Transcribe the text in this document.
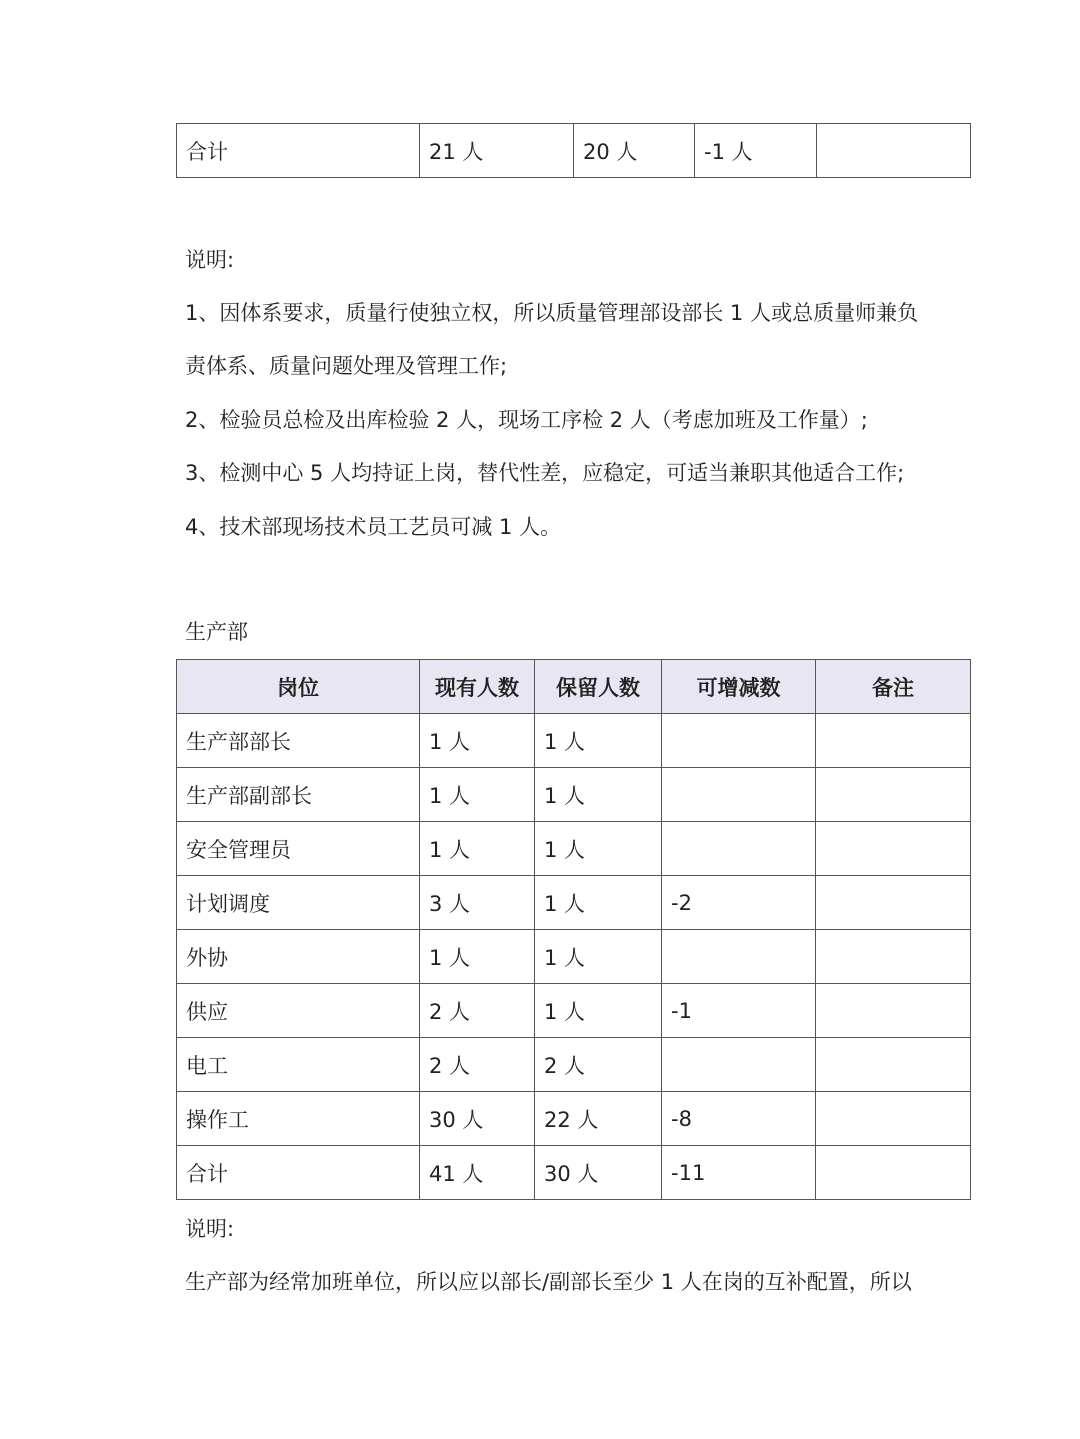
合计	21 人	20 人	-1 人	
说明:
1、因体系要求，质量行使独立权，所以质量管理部设部长 1 人或总质量师兼负
责体系、质量问题处理及管理工作;
2、检验员总检及出库检验 2 人，现场工序检 2 人（考虑加班及工作量）;
3、检测中心 5 人均持证上岗，替代性差，应稳定，可适当兼职其他适合工作;
4、技术部现场技术员工艺员可减 1 人。
生产部
岗位	现有人数	保留人数	可增减数	备注
生产部部长	1 人	1 人		
生产部副部长	1 人	1 人		
安全管理员	1 人	1 人		
计划调度	3 人	1 人	-2	
外协	1 人	1 人		
供应	2 人	1 人	-1	
电工	2 人	2 人		
操作工	30 人	22 人	-8	
合计	41 人	30 人	-11	
说明:
生产部为经常加班单位，所以应以部长/副部长至少 1 人在岗的互补配置，所以
